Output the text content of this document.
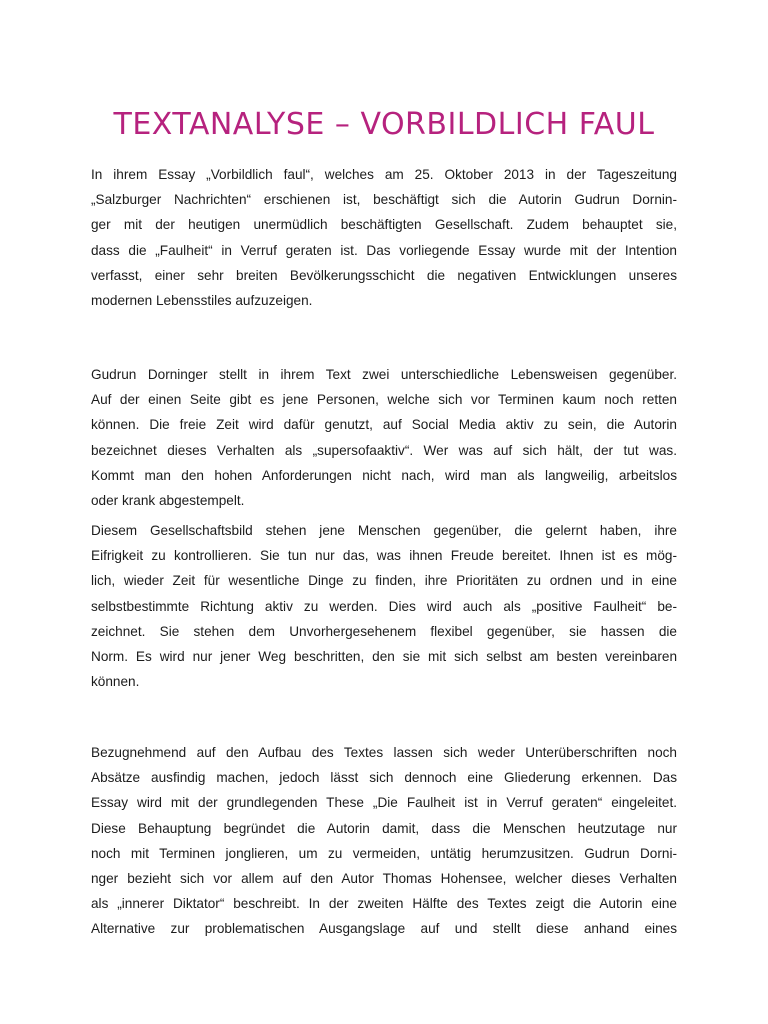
TEXTANALYSE – VORBILDLICH FAUL
In ihrem Essay „Vorbildlich faul“, welches am 25. Oktober 2013 in der Tageszeitung
„Salzburger Nachrichten“ erschienen ist, beschäftigt sich die Autorin Gudrun Dornin-
ger mit der heutigen unermüdlich beschäftigten Gesellschaft. Zudem behauptet sie,
dass die „Faulheit“ in Verruf geraten ist. Das vorliegende Essay wurde mit der Intention
verfasst, einer sehr breiten Bevölkerungsschicht die negativen Entwicklungen unseres
modernen Lebensstiles aufzuzeigen.
Gudrun Dorninger stellt in ihrem Text zwei unterschiedliche Lebensweisen gegenüber.
Auf der einen Seite gibt es jene Personen, welche sich vor Terminen kaum noch retten
können. Die freie Zeit wird dafür genutzt, auf Social Media aktiv zu sein, die Autorin
bezeichnet dieses Verhalten als „supersofaaktiv“. Wer was auf sich hält, der tut was.
Kommt man den hohen Anforderungen nicht nach, wird man als langweilig, arbeitslos
oder krank abgestempelt.
Diesem Gesellschaftsbild stehen jene Menschen gegenüber, die gelernt haben, ihre
Eifrigkeit zu kontrollieren. Sie tun nur das, was ihnen Freude bereitet. Ihnen ist es mög-
lich, wieder Zeit für wesentliche Dinge zu finden, ihre Prioritäten zu ordnen und in eine
selbstbestimmte Richtung aktiv zu werden. Dies wird auch als „positive Faulheit“ be-
zeichnet. Sie stehen dem Unvorhergesehenem flexibel gegenüber, sie hassen die
Norm. Es wird nur jener Weg beschritten, den sie mit sich selbst am besten vereinbaren
können.
Bezugnehmend auf den Aufbau des Textes lassen sich weder Unterüberschriften noch
Absätze ausfindig machen, jedoch lässt sich dennoch eine Gliederung erkennen. Das
Essay wird mit der grundlegenden These „Die Faulheit ist in Verruf geraten“ eingeleitet.
Diese Behauptung begründet die Autorin damit, dass die Menschen heutzutage nur
noch mit Terminen jonglieren, um zu vermeiden, untätig herumzusitzen. Gudrun Dorni-
nger bezieht sich vor allem auf den Autor Thomas Hohensee, welcher dieses Verhalten
als „innerer Diktator“ beschreibt. In der zweiten Hälfte des Textes zeigt die Autorin eine
Alternative zur problematischen Ausgangslage auf und stellt diese anhand eines
